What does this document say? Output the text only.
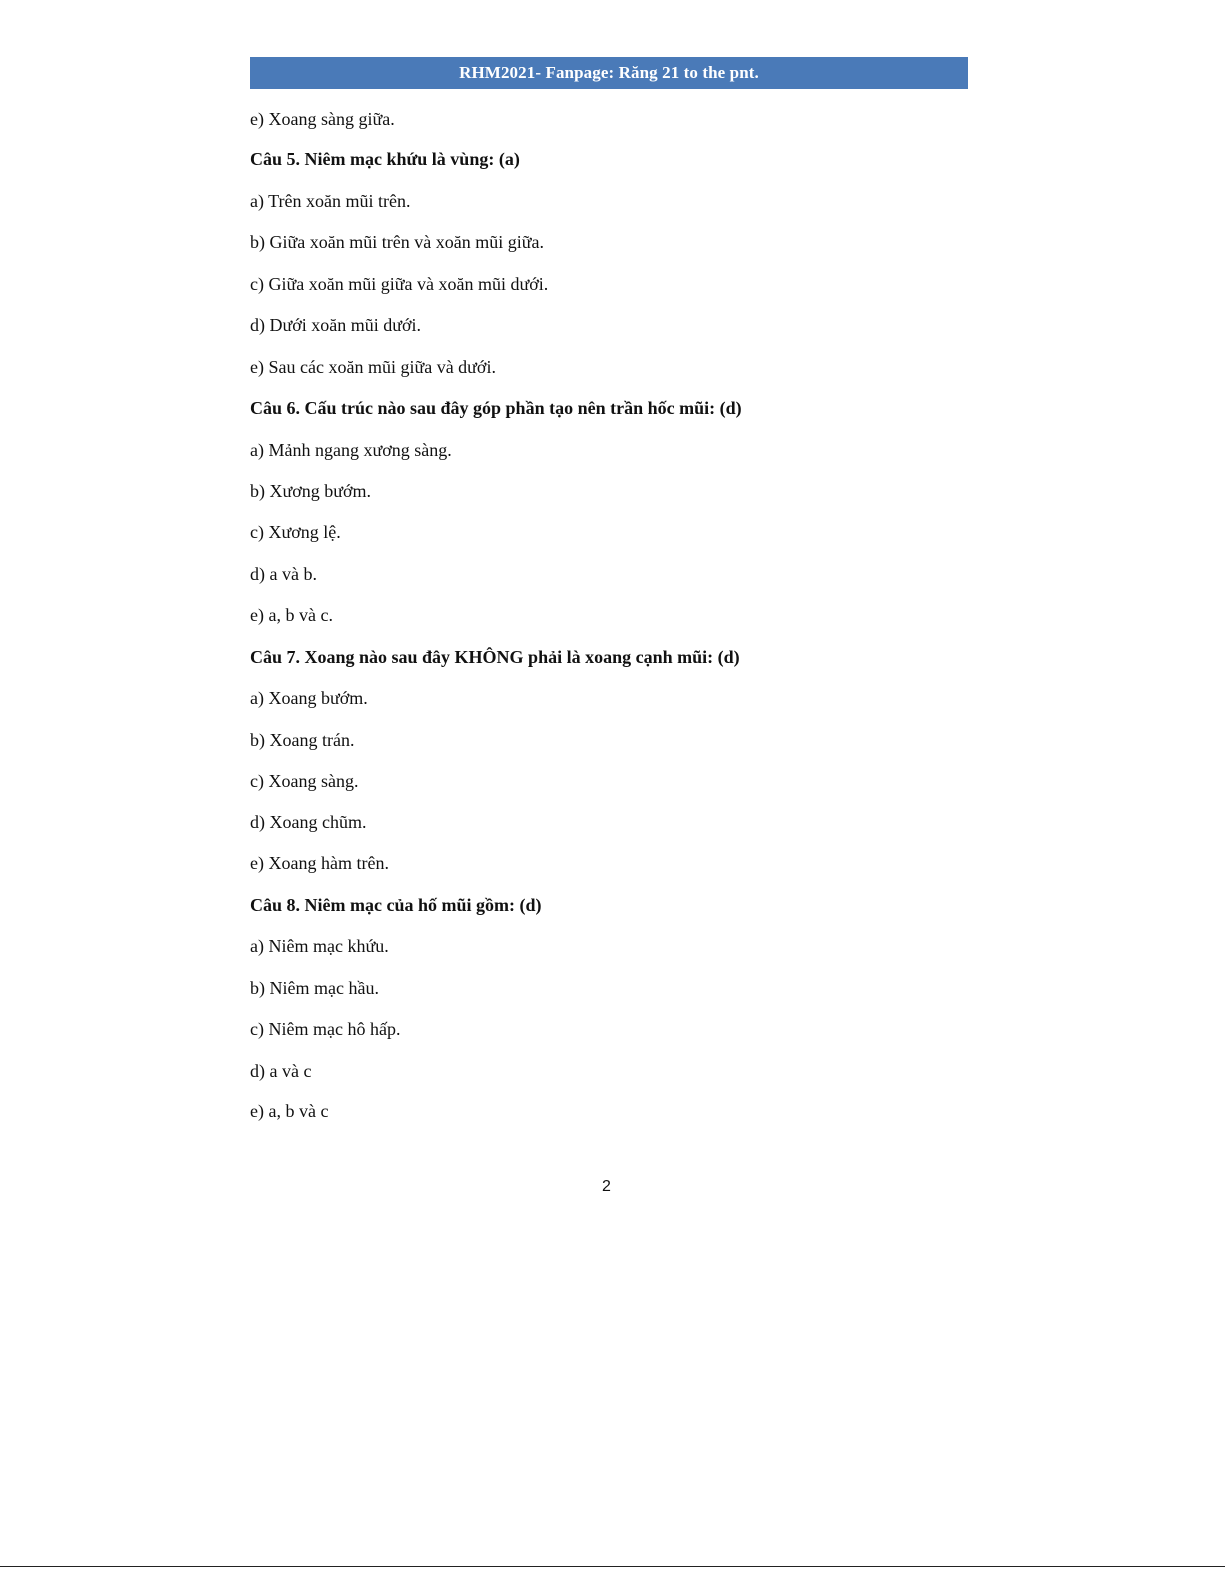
RHM2021- Fanpage: Răng 21 to the pnt.
e) Xoang sàng giữa.
Câu 5. Niêm mạc khứu là vùng: (a)
a) Trên xoăn mũi trên.
b) Giữa xoăn mũi trên và xoăn mũi giữa.
c) Giữa xoăn mũi giữa và xoăn mũi dưới.
d) Dưới xoăn mũi dưới.
e) Sau các xoăn mũi giữa và dưới.
Câu 6. Cấu trúc nào sau đây góp phần tạo nên trần hốc mũi: (d)
a) Mảnh ngang xương sàng.
b) Xương bướm.
c) Xương lệ.
d) a và b.
e) a, b và c.
Câu 7. Xoang nào sau đây KHÔNG phải là xoang cạnh mũi: (d)
a) Xoang bướm.
b) Xoang trán.
c) Xoang sàng.
d) Xoang chũm.
e) Xoang hàm trên.
Câu 8. Niêm mạc của hố mũi gồm: (d)
a) Niêm mạc khứu.
b) Niêm mạc hầu.
c) Niêm mạc hô hấp.
d) a và c
e) a, b và c
2
